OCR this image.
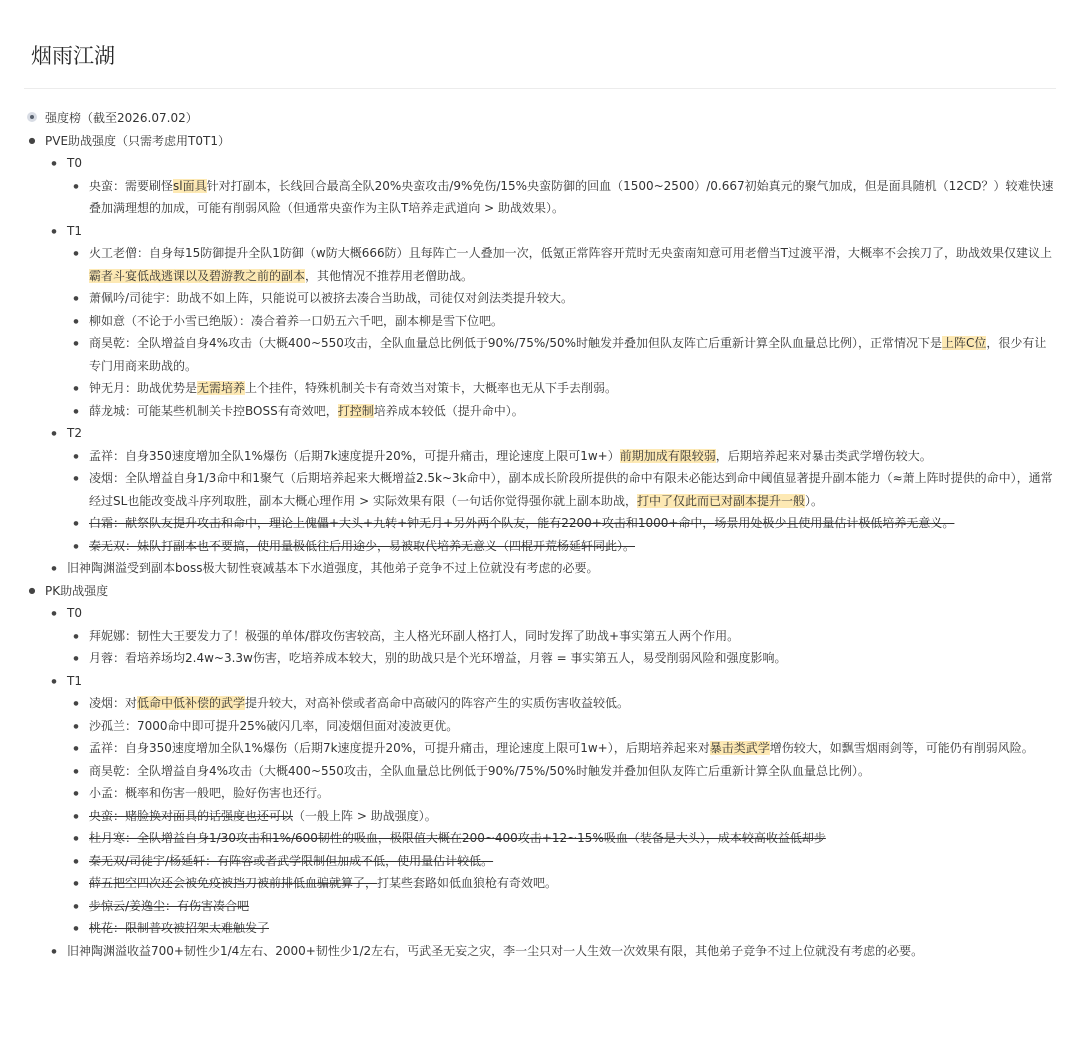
烟雨江湖
强度榜（截至2026.07.02）
●
PVE助战强度（只需考虑用T0T1）
●
T0
●
央蛮：需要刷怪sl面具针对打副本，长线回合最高全队20%央蛮攻击/9%免伤/15%央蛮防御的回血（1500~2500）/0.667初始真元的聚气加成，但是面具随机（12CD？）较难快速叠加满理想的加成，可能有削弱风险（但通常央蛮作为主队T培养走武道向 > 助战效果）。
●
T1
●
火工老僧：自身每15防御提升全队1防御（w防大概666防）且每阵亡一人叠加一次，低氪正常阵容开荒时无央蛮南知意可用老僧当T过渡平滑，大概率不会挨刀了，助战效果仅建议上霸者斗宴低战逃课以及碧游教之前的副本，其他情况不推荐用老僧助战。
●
萧佩吟/司徒宇：助战不如上阵，只能说可以被挤去凑合当助战，司徒仅对剑法类提升较大。
●
柳如意（不论于小雪已绝版）：凑合着养一口奶五六千吧，副本柳是雪下位吧。
●
商昊乾：全队增益自身4%攻击（大概400~550攻击，全队血量总比例低于90%/75%/50%时触发并叠加但队友阵亡后重新计算全队血量总比例），正常情况下是上阵C位，很少有让专门用商来助战的。
●
钟无月：助战优势是无需培养上个挂件，特殊机制关卡有奇效当对策卡，大概率也无从下手去削弱。
●
薛龙城：可能某些机制关卡控BOSS有奇效吧，打控制培养成本较低（提升命中）。
●
T2
●
孟祥：自身350速度增加全队1%爆伤（后期7k速度提升20%，可提升痛击，理论速度上限可1w+）前期加成有限较弱，后期培养起来对暴击类武学增伤较大。
●
凌烟：全队增益自身1/3命中和1聚气（后期培养起来大概增益2.5k~3k命中），副本成长阶段所提供的命中有限未必能达到命中阈值显著提升副本能力（≈萧上阵时提供的命中），通常经过SL也能改变战斗序列取胜，副本大概心理作用 > 实际效果有限（一句话你觉得强你就上副本助战，打中了仅此而已对副本提升一般）。
●
白霜：献祭队友提升攻击和命中，理论上傀儡+大头+九转+钟无月+另外两个队友，能有2200+攻击和1000+命中，场景用处极少且使用量估计极低培养无意义。
●
秦无双：妹队打副本也不要搞，使用量极低往后用途少，易被取代培养无意义（四棍开荒杨延轩同此）。
●
旧神陶渊溢受到副本boss极大韧性衰减基本下水道强度，其他弟子竞争不过上位就没有考虑的必要。
●
PK助战强度
●
T0
●
拜妮娜：韧性大王要发力了！极强的单体/群攻伤害较高，主人格光环副人格打人，同时发挥了助战+事实第五人两个作用。
●
月蓉：看培养场均2.4w~3.3w伤害，吃培养成本较大，别的助战只是个光环增益，月蓉 = 事实第五人，易受削弱风险和强度影响。
●
T1
●
凌烟：对低命中低补偿的武学提升较大，对高补偿或者高命中高破闪的阵容产生的实质伤害收益较低。
●
沙孤兰：7000命中即可提升25%破闪几率，同凌烟但面对凌波更优。
●
孟祥：自身350速度增加全队1%爆伤（后期7k速度提升20%，可提升痛击，理论速度上限可1w+），后期培养起来对暴击类武学增伤较大，如飘雪烟雨剑等，可能仍有削弱风险。
●
商昊乾：全队增益自身4%攻击（大概400~550攻击，全队血量总比例低于90%/75%/50%时触发并叠加但队友阵亡后重新计算全队血量总比例）。
●
小孟：概率和伤害一般吧，脸好伤害也还行。
●
央蛮：赌脸换对面具的话强度也还可以（一般上阵 > 助战强度）。
●
杜月寒：全队增益自身1/30攻击和1%/600韧性的吸血，极限值大概在200~400攻击+12~15%吸血（装备是大头），成本较高收益低却步
●
秦无双/司徒宇/杨延轩：有阵容或者武学限制但加成不低，使用量估计较低。
●
薛五把空四次还会被免疫被挡刀被前排低血骗就算了，打某些套路如低血狼枪有奇效吧。
●
步惊云/姜逸尘：有伤害凑合吧
●
桃花：限制普攻被招架太难触发了
●
旧神陶渊溢收益700+韧性少1/4左右、2000+韧性少1/2左右，丐武圣无妄之灾，李一尘只对一人生效一次效果有限，其他弟子竞争不过上位就没有考虑的必要。
